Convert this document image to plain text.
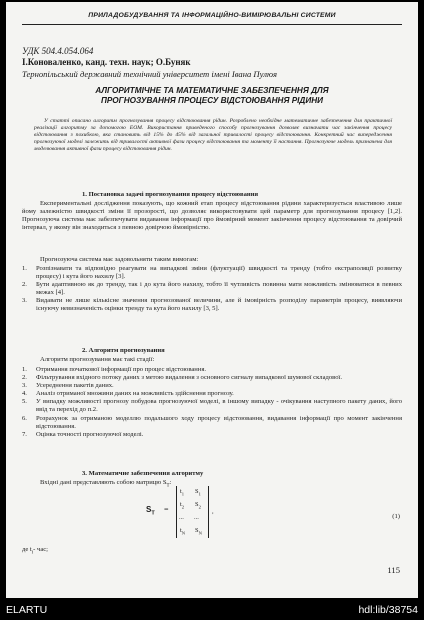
ПРИЛАДОБУДУВАННЯ ТА ІНФОРМАЦІЙНО-ВИМІРЮВАЛЬНІ СИСТЕМИ
УДК 504.4.054.064
І.Коноваленко, канд. техн. наук; О.Буняк
Тернопільський державний технічний університет імені Івана Пулюя
АЛГОРИТМІЧНЕ ТА МАТЕМАТИЧНЕ ЗАБЕЗПЕЧЕННЯ ДЛЯ
ПРОГНОЗУВАННЯ ПРОЦЕСУ ВІДСТОЮВАННЯ РІДИНИ
У статті описано алгоритм прогнозування процесу відстоювання рідин. Розроблено необхідне математичне забезпечення для практичної реалізації алгоритму за допомогою ЕОМ. Використання приведеного способу прогнозування дозволяє визначати час закінчення процесу відстоювання з похибкою, яка становить від 15% до 45% від загальної тривалості процесу відстоювання. Конкретний час випередження прогнозуючої моделі залежить від тривалості активної фази процесу відстоювання та моменту її настання. Прогнозуюче модель призначена для моделювання активної фази процесу відстоювання рідин.
1. Постановка задачі прогнозування процесу відстоювання
Експериментальні дослідження показують, що кожний етап процесу відстоювання рідини характеризується властивою лише йому залежністю швидкості зміни її прозорості, що дозволяє використовувати цей параметр для прогнозування процесу [1,2]. Прогнозуюча система має забезпечувати видавання інформації про ймовірний момент закінчення процесу відстоювання та довірчий інтервал, у якому він знаходиться з певною довірчою ймовірністю.
Прогнозуюча система має задовольняти таким вимогам:
1. Розпізнавати та відповідно реагувати на випадкові зміни (флуктуації) швидкості та тренду (тобто екстраполяції розвитку процесу) і кута його нахилу [3].
2. Бути адаптивною як до тренду, так і до кута його нахилу, тобто її чутливість повинна мати можливість змінюватися в певних межах [4].
3. Видавати не лише кількісне значення прогнозованої величини, але й імовірність розподілу параметрів процесу, виявляючи існуючу невизначеність оцінки тренду та кута його нахилу [3, 5].
2. Алгоритм прогнозування
Алгоритм прогнозування має такі стадії:
1. Отримання початкової інформації про процес відстоювання.
2. Фільтрування вхідного потоку даних з метою видалення з основного сигналу випадкової шумової складової.
3. Усереднення пакетів даних.
4. Аналіз отриманої множини даних на можливість здійснення прогнозу.
5. У випадку можливості прогнозу побудова прогнозуючої моделі, в іншому випадку - очікування наступного пакету даних, його ввід та перехід до п.2.
6. Розрахунок за отриманою моделлю подальшого ходу процесу відстоювання, видавання інформації про момент закінчення відстоювання.
7. Оцінка точності прогнозуючої моделі.
3. Математичне забезпечення алгоритму
Вхідні дані представляють собою матрицю $S_T$:
$S_T$ =
$t_1$ $S_1$
$t_2$ $S_2$
... ...
$t_N$ $S_N$
,
(1)
де $t_i-$ час;
115
ELARTU	hdl:lib/38754
